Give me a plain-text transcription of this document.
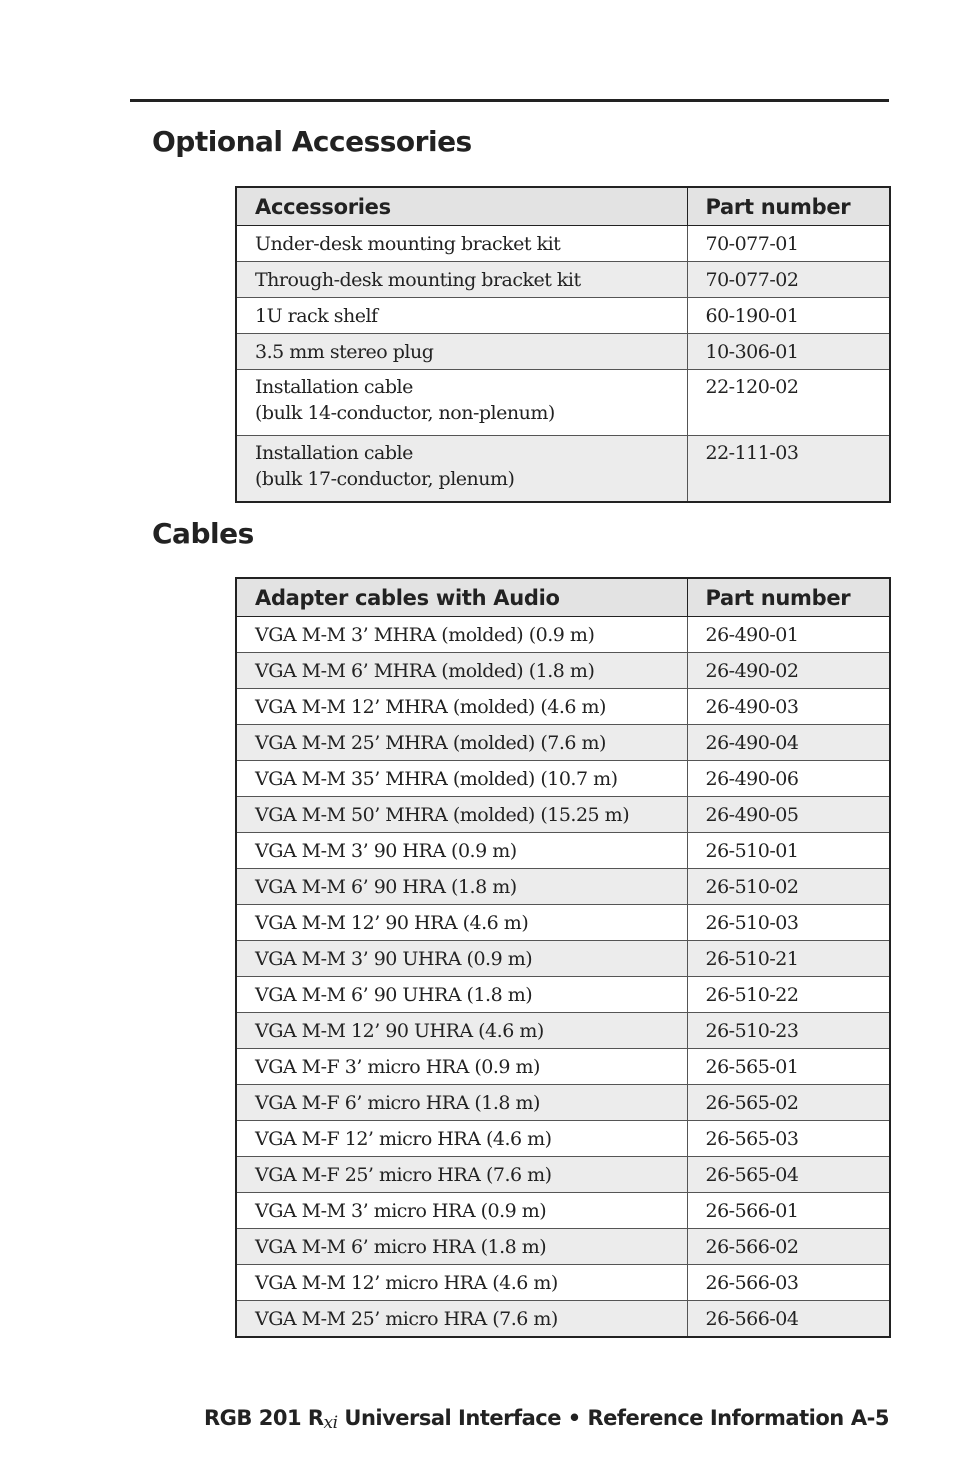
Optional Accessories
Accessories	Part number

Under-desk mounting bracket kit	70-077-01

Through-desk mounting bracket kit	70-077-02

1U rack shelf	60-190-01

3.5 mm stereo plug	10-306-01

Installation cable
(bulk 14-conductor, non-plenum)	22-120-02

Installation cable
(bulk 17-conductor, plenum)	22-111-03
Cables
Adapter cables with Audio	Part number
VGA M-M 3’ MHRA (molded) (0.9 m)	26-490-01
VGA M-M 6’ MHRA (molded) (1.8 m)	26-490-02
VGA M-M 12’ MHRA (molded) (4.6 m)	26-490-03
VGA M-M 25’ MHRA (molded) (7.6 m)	26-490-04
VGA M-M 35’ MHRA (molded) (10.7 m)	26-490-06
VGA M-M 50’ MHRA (molded) (15.25 m)	26-490-05
VGA M-M 3’ 90 HRA (0.9 m)	26-510-01
VGA M-M 6’ 90 HRA (1.8 m)	26-510-02
VGA M-M 12’ 90 HRA (4.6 m)	26-510-03
VGA M-M 3’ 90 UHRA (0.9 m)	26-510-21
VGA M-M 6’ 90 UHRA (1.8 m)	26-510-22
VGA M-M 12’ 90 UHRA (4.6 m)	26-510-23
VGA M-F 3’ micro HRA (0.9 m)	26-565-01
VGA M-F 6’ micro HRA (1.8 m)	26-565-02
VGA M-F 12’ micro HRA (4.6 m)	26-565-03
VGA M-F 25’ micro HRA (7.6 m)	26-565-04
VGA M-M 3’ micro HRA (0.9 m)	26-566-01
VGA M-M 6’ micro HRA (1.8 m)	26-566-02
VGA M-M 12’ micro HRA (4.6 m)	26-566-03
VGA M-M 25’ micro HRA (7.6 m)	26-566-04
RGB 201 Rxi Universal Interface • Reference Information A-5
